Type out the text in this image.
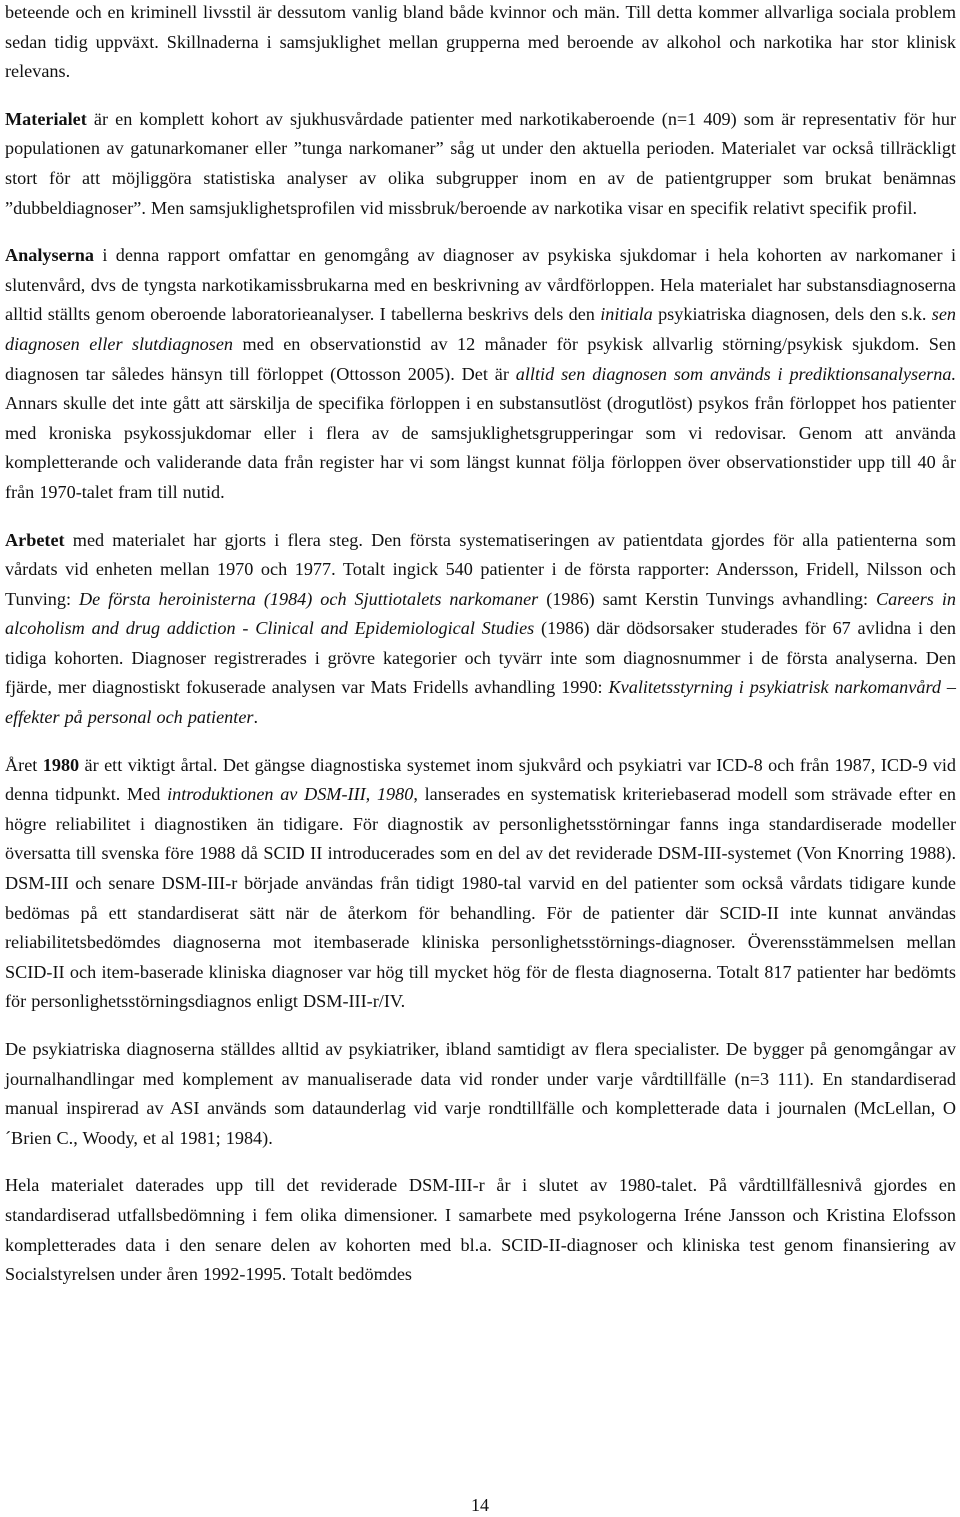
beteende och en kriminell livsstil är dessutom vanlig bland både kvinnor och män. Till detta kommer allvarliga sociala problem sedan tidig uppväxt. Skillnaderna i samsjuklighet mellan grupperna med beroende av alkohol och narkotika har stor klinisk relevans.

Materialet är en komplett kohort av sjukhusvårdade patienter med narkotikaberoende (n=1 409) som är representativ för hur populationen av gatunarkomaner eller ”tunga narkomaner” såg ut under den aktuella perioden. Materialet var också tillräckligt stort för att möjliggöra statistiska analyser av olika subgrupper inom en av de patientgrupper som brukat benämnas ”dubbeldiagnoser”. Men samsjuklighetsprofilen vid missbruk/beroende av narkotika visar en specifik relativt specifik profil.

Analyserna i denna rapport omfattar en genomgång av diagnoser av psykiska sjukdomar i hela kohorten av narkomaner i slutenvård, dvs de tyngsta narkotikamissbrukarna med en beskrivning av vårdförloppen. Hela materialet har substansdiagnoserna alltid ställts genom oberoende laboratorieanalyser. I tabellerna beskrivs dels den initiala psykiatriska diagnosen, dels den s.k. sen diagnosen eller slutdiagnosen med en observationstid av 12 månader för psykisk allvarlig störning/psykisk sjukdom. Sen diagnosen tar således hänsyn till förloppet (Ottosson 2005). Det är alltid sen diagnosen som används i prediktionsanalyserna. Annars skulle det inte gått att särskilja de specifika förloppen i en substansutlöst (drogutlöst) psykos från förloppet hos patienter med kroniska psykossjukdomar eller i flera av de samsjuklighetsgrupperingar som vi redovisar. Genom att använda kompletterande och validerande data från register har vi som längst kunnat följa förloppen över observationstider upp till 40 år från 1970-talet fram till nutid.

Arbetet med materialet har gjorts i flera steg. Den första systematiseringen av patientdata gjordes för alla patienterna som vårdats vid enheten mellan 1970 och 1977. Totalt ingick 540 patienter i de första rapporter: Andersson, Fridell, Nilsson och Tunving: De första heroinisterna (1984) och Sjuttiotalets narkomaner (1986) samt Kerstin Tunvings avhandling: Careers in alcoholism and drug addiction - Clinical and Epidemiological Studies (1986) där dödsorsaker studerades för 67 avlidna i den tidiga kohorten. Diagnoser registrerades i grövre kategorier och tyvärr inte som diagnosnummer i de första analyserna. Den fjärde, mer diagnostiskt fokuserade analysen var Mats Fridells avhandling 1990: Kvalitetsstyrning i psykiatrisk narkomanvård – effekter på personal och patienter.

Året 1980 är ett viktigt årtal. Det gängse diagnostiska systemet inom sjukvård och psykiatri var ICD-8 och från 1987, ICD-9 vid denna tidpunkt. Med introduktionen av DSM-III, 1980, lanserades en systematisk kriteriebaserad modell som strävade efter en högre reliabilitet i diagnostiken än tidigare. För diagnostik av personlighetsstörningar fanns inga standardiserade modeller översatta till svenska före 1988 då SCID II introducerades som en del av det reviderade DSM-III-systemet (Von Knorring 1988). DSM-III och senare DSM-III-r började användas från tidigt 1980-tal varvid en del patienter som också vårdats tidigare kunde bedömas på ett standardiserat sätt när de återkom för behandling. För de patienter där SCID-II inte kunnat användas reliabilitetsbedömdes diagnoserna mot itembaserade kliniska personlighetsstörnings-diagnoser. Överensstämmelsen mellan SCID-II och item-baserade kliniska diagnoser var hög till mycket hög för de flesta diagnoserna. Totalt 817 patienter har bedömts för personlighetsstörningsdiagnos enligt DSM-III-r/IV.

De psykiatriska diagnoserna ställdes alltid av psykiatriker, ibland samtidigt av flera specialister. De bygger på genomgångar av journalhandlingar med komplement av manualiserade data vid ronder under varje vårdtillfälle (n=3 111). En standardiserad manual inspirerad av ASI används som dataunderlag vid varje rondtillfälle och kompletterade data i journalen (McLellan, O´Brien C., Woody, et al 1981; 1984).

Hela materialet daterades upp till det reviderade DSM-III-r år i slutet av 1980-talet. På vårdtillfällesnivå gjordes en standardiserad utfallsbedömning i fem olika dimensioner. I samarbete med psykologerna Iréne Jansson och Kristina Elofsson kompletterades data i den senare delen av kohorten med bl.a. SCID-II-diagnoser och kliniska test genom finansiering av Socialstyrelsen under åren 1992-1995. Totalt bedömdes

14
